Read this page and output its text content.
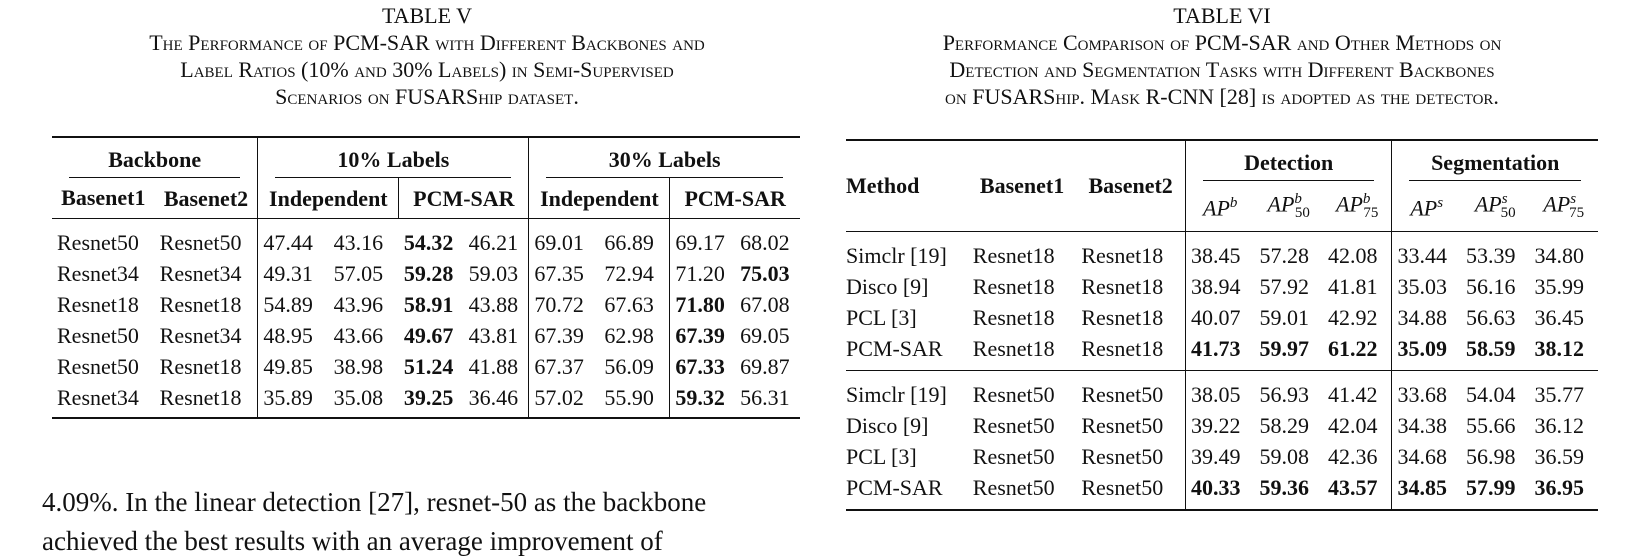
TABLE V
The Performance of PCM-SAR with Different Backbones and
Label Ratios (10% and 30% Labels) in Semi-Supervised
Scenarios on FUSARShip dataset.
Backbone		10% Labels				30% Labels			

Basenet1	Basenet2	Independent		PCM-SAR		Independent		PCM-SAR	
Resnet50	Resnet50	47.44	43.16	54.32	46.21	69.01	66.89	69.17	68.02
Resnet34	Resnet34	49.31	57.05	59.28	59.03	67.35	72.94	71.20	75.03
Resnet18	Resnet18	54.89	43.96	58.91	43.88	70.72	67.63	71.80	67.08
Resnet50	Resnet34	48.95	43.66	49.67	43.81	67.39	62.98	67.39	69.05
Resnet50	Resnet18	49.85	38.98	51.24	41.88	67.37	56.09	67.33	69.87
Resnet34	Resnet18	35.89	35.08	39.25	36.46	57.02	55.90	59.32	56.31
4.09%. In the linear detection [27], resnet-50 as the backbone
achieved the best results with an average improvement of
TABLE VI
Performance Comparison of PCM-SAR and Other Methods on
Detection and Segmentation Tasks with Different Backbones
on FUSARShip. Mask R-CNN [28] is adopted as the detector.
Method	Basenet1	Basenet2	Detection			Segmentation		

			$AP^b$	$AP^b_{50}$	$AP^b_{75}$	$AP^s$	$AP^s_{50}$	$AP^s_{75}$
Simclr [19]	Resnet18	Resnet18	38.45	57.28	42.08	33.44	53.39	34.80
Disco [9]	Resnet18	Resnet18	38.94	57.92	41.81	35.03	56.16	35.99
PCL [3]	Resnet18	Resnet18	40.07	59.01	42.92	34.88	56.63	36.45
PCM-SAR	Resnet18	Resnet18	41.73	59.97	61.22	35.09	58.59	38.12
Simclr [19]	Resnet50	Resnet50	38.05	56.93	41.42	33.68	54.04	35.77
Disco [9]	Resnet50	Resnet50	39.22	58.29	42.04	34.38	55.66	36.12
PCL [3]	Resnet50	Resnet50	39.49	59.08	42.36	34.68	56.98	36.59
PCM-SAR	Resnet50	Resnet50	40.33	59.36	43.57	34.85	57.99	36.95
